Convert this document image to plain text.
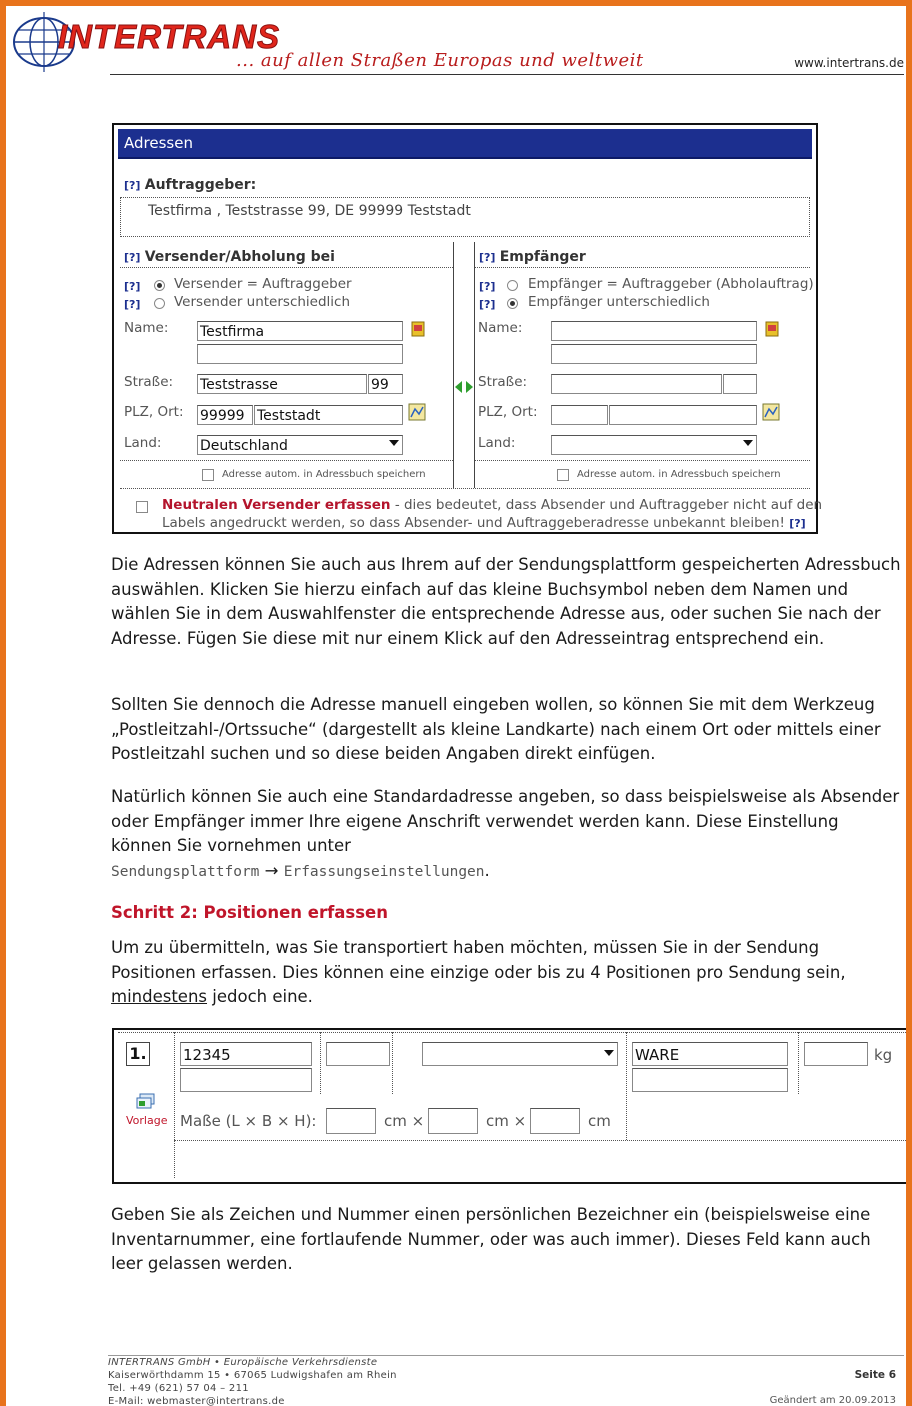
INTERTRANS
... auf allen Straßen Europas und weltweit	www.intertrans.de
Adressen
[?] Auftraggeber:
Testfirma , Teststrasse 99, DE 99999 Teststadt
[?] Versender/Abholung bei
[?] Versender = Auftraggeber
[?] Versender unterschiedlich
Name: Testfirma
Straße: Teststrasse	99
PLZ, Ort: 99999 Teststadt
Land:	Deutschland
Adresse autom. in Adressbuch speichern
[?] Empfänger
[?] Empfänger = Auftraggeber (Abholauftrag)
[?] Empfänger unterschiedlich
Name:
Straße:
PLZ, Ort:
Land:
Adresse autom. in Adressbuch speichern
Neutralen Versender erfassen - dies bedeutet, dass Absender und Auftraggeber nicht auf den
Labels angedruckt werden, so dass Absender- und Auftraggeberadresse unbekannt bleiben! [?]
Die Adressen können Sie auch aus Ihrem auf der Sendungsplattform gespeicherten Adressbuch auswählen. Klicken Sie hierzu einfach auf das kleine Buchsymbol neben dem Namen und wählen Sie in dem Auswahlfenster die entsprechende Adresse aus, oder suchen Sie nach der Adresse. Fügen Sie diese mit nur einem Klick auf den Adresseintrag entsprechend ein.
Sollten Sie dennoch die Adresse manuell eingeben wollen, so können Sie mit dem Werkzeug „Postleitzahl-/Ortssuche“ (dargestellt als kleine Landkarte) nach einem Ort oder mittels einer Postleitzahl suchen und so diese beiden Angaben direkt einfügen.
Natürlich können Sie auch eine Standardadresse angeben, so dass beispielsweise als Absender oder Empfänger immer Ihre eigene Anschrift verwendet werden kann. Diese Einstellung können Sie vornehmen unter
Sendungsplattform → Erfassungseinstellungen.
Schritt 2: Positionen erfassen
Um zu übermitteln, was Sie transportiert haben möchten, müssen Sie in der Sendung Positionen erfassen. Dies können eine einzige oder bis zu 4 Positionen pro Sendung sein, mindestens jedoch eine.
1.
Vorlage
12345	WARE	kg
Maße (L × B × H):	cm ×	cm ×	cm
Geben Sie als Zeichen und Nummer einen persönlichen Bezeichner ein (beispielsweise eine Inventarnummer, eine fortlaufende Nummer, oder was auch immer). Dieses Feld kann auch leer gelassen werden.
INTERTRANS GmbH • Europäische Verkehrsdienste
Kaiserwörthdamm 15 • 67065 Ludwigshafen am Rhein
Tel. +49 (621) 57 04 – 211
E-Mail: webmaster@intertrans.de
Seite 6
Geändert am 20.09.2013
